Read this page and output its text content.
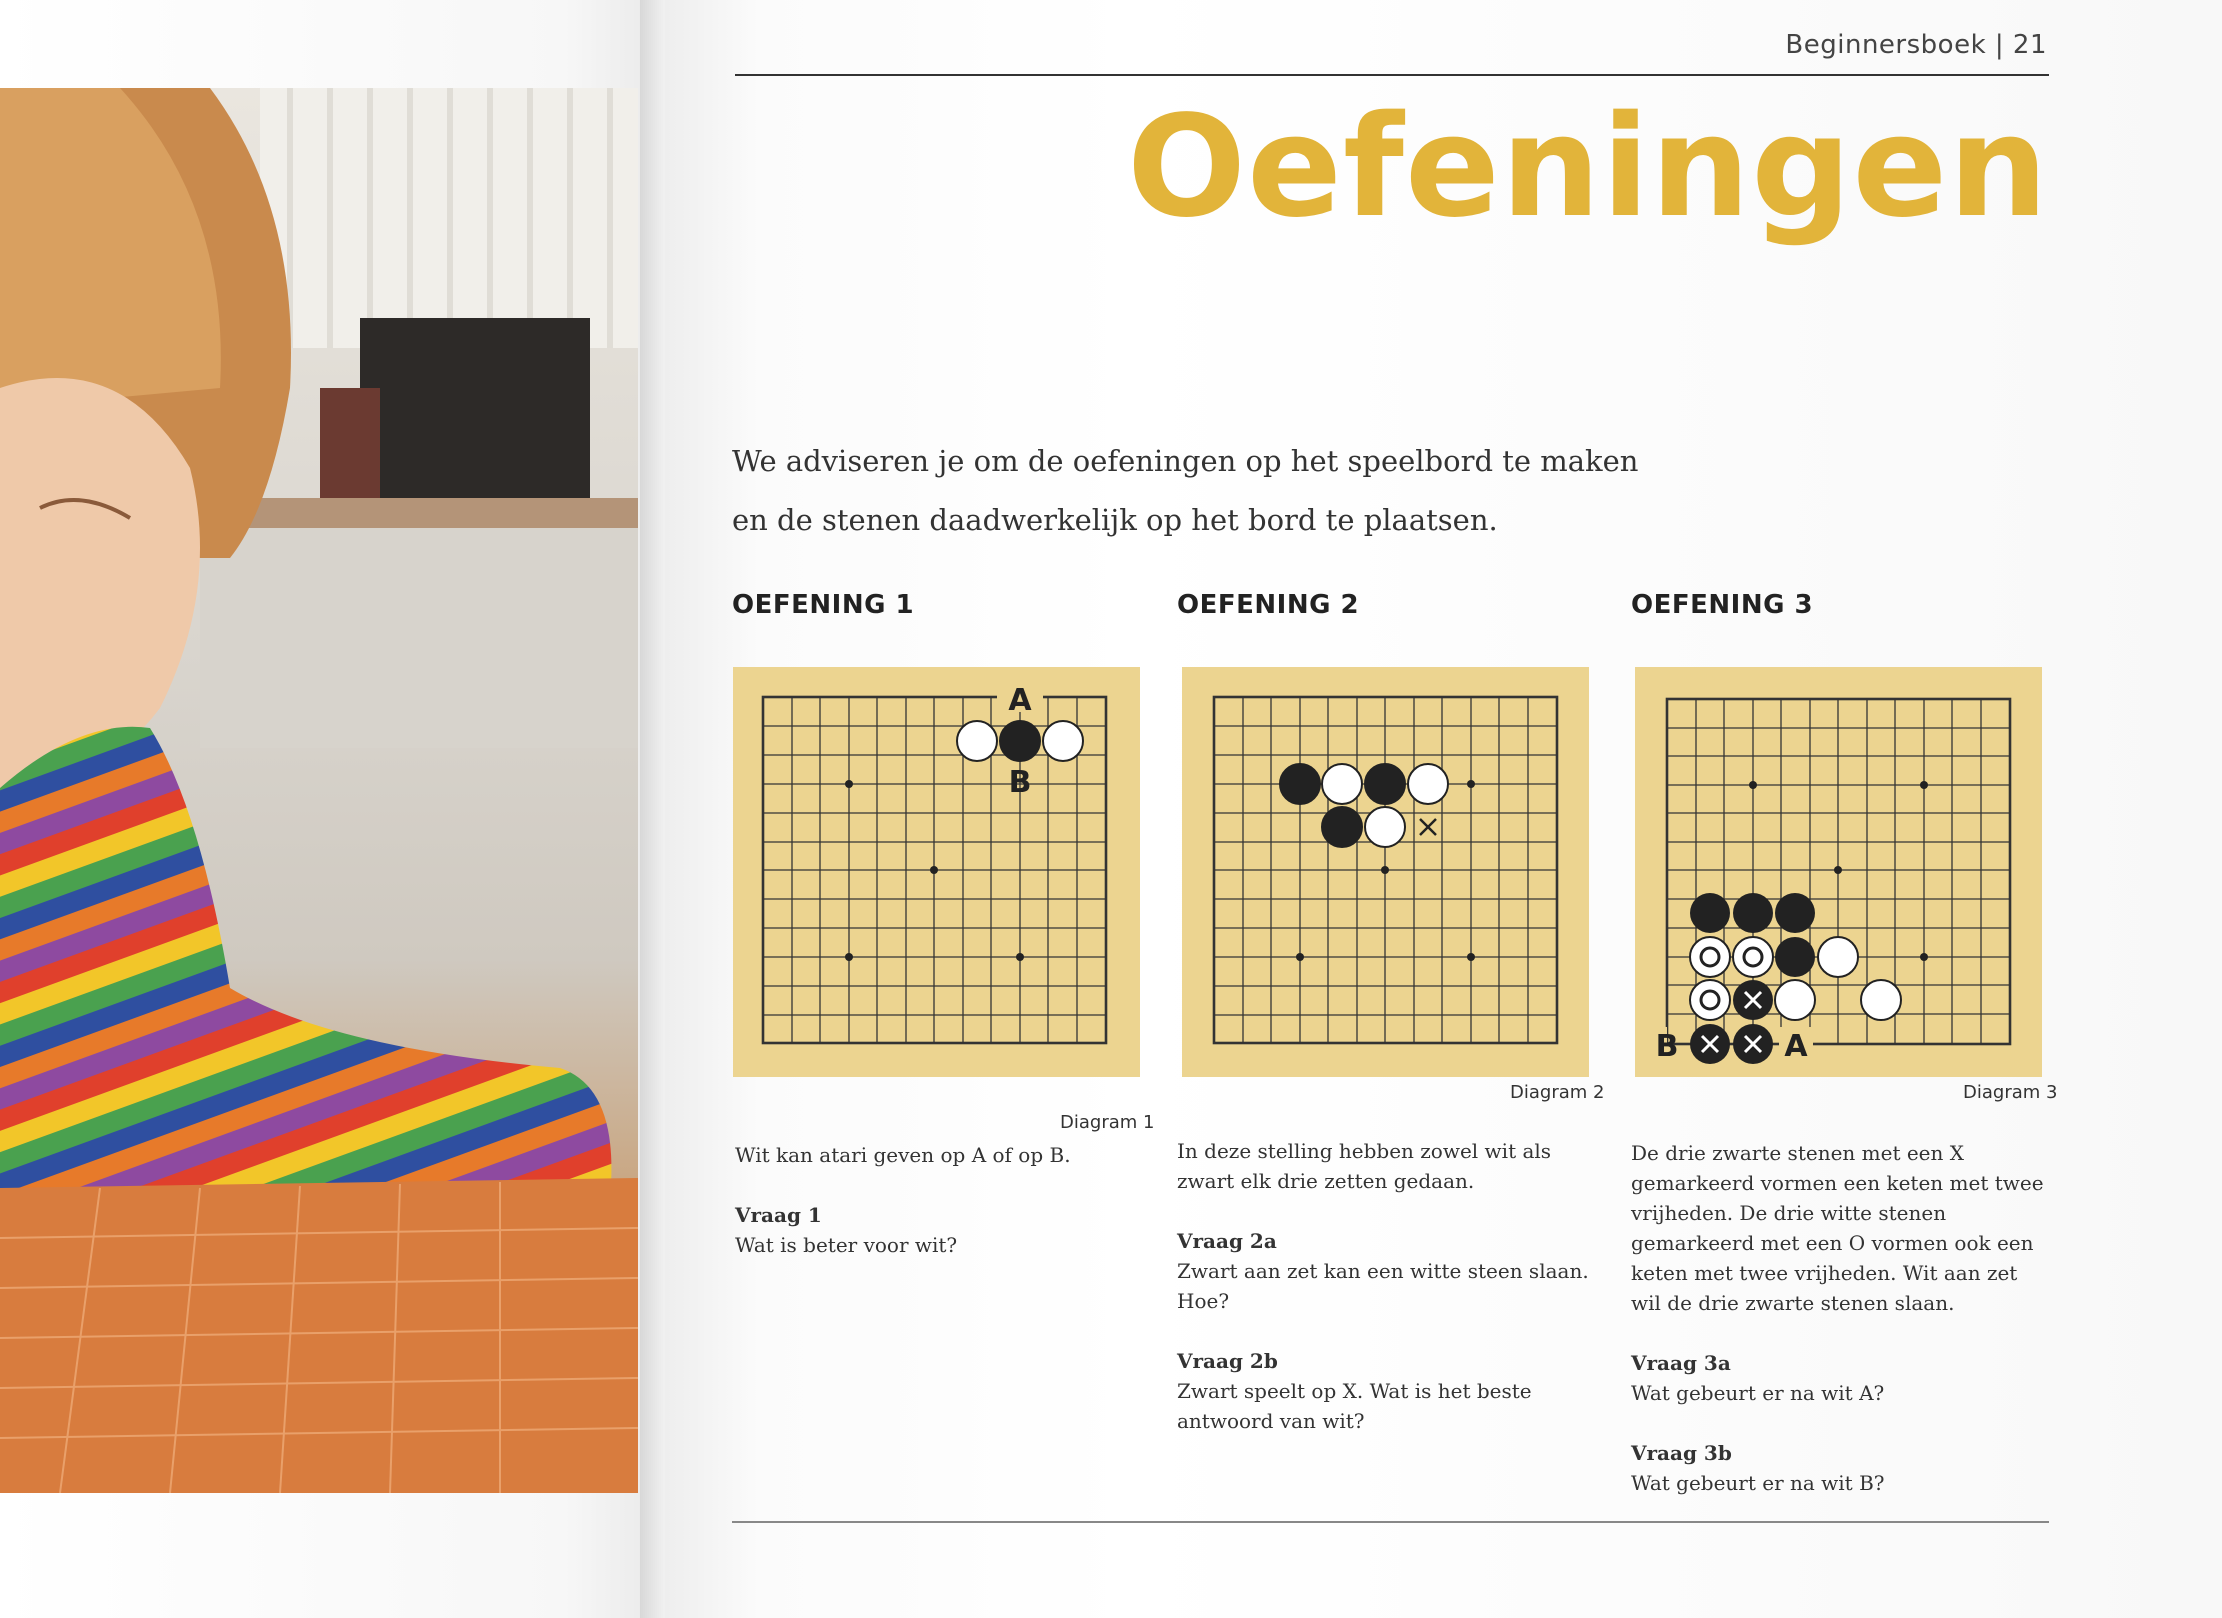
Beginnersboek | 21
Oefeningen
We adviseren je om de oefeningen op het speelbord te maken
en de stenen daadwerkelijk op het bord te plaatsen.
OEFENING 1
A
B
Diagram 1

Wit kan atari geven op A of op B.

Vraag 1
Wat is beter voor wit?

OEFENING 2
Diagram 2

In deze stelling hebben zowel wit als zwart elk drie zetten gedaan.

Vraag 2a
Zwart aan zet kan een witte steen slaan. Hoe?

Vraag 2b
Zwart speelt op X. Wat is het beste antwoord van wit?

OEFENING 3
B	A
Diagram 3

De drie zwarte stenen met een X gemarkeerd vormen een keten met twee vrijheden. De drie witte stenen gemarkeerd met een O vormen ook een keten met twee vrijheden. Wit aan zet wil de drie zwarte stenen slaan.

Vraag 3a
Wat gebeurt er na wit A?

Vraag 3b
Wat gebeurt er na wit B?
